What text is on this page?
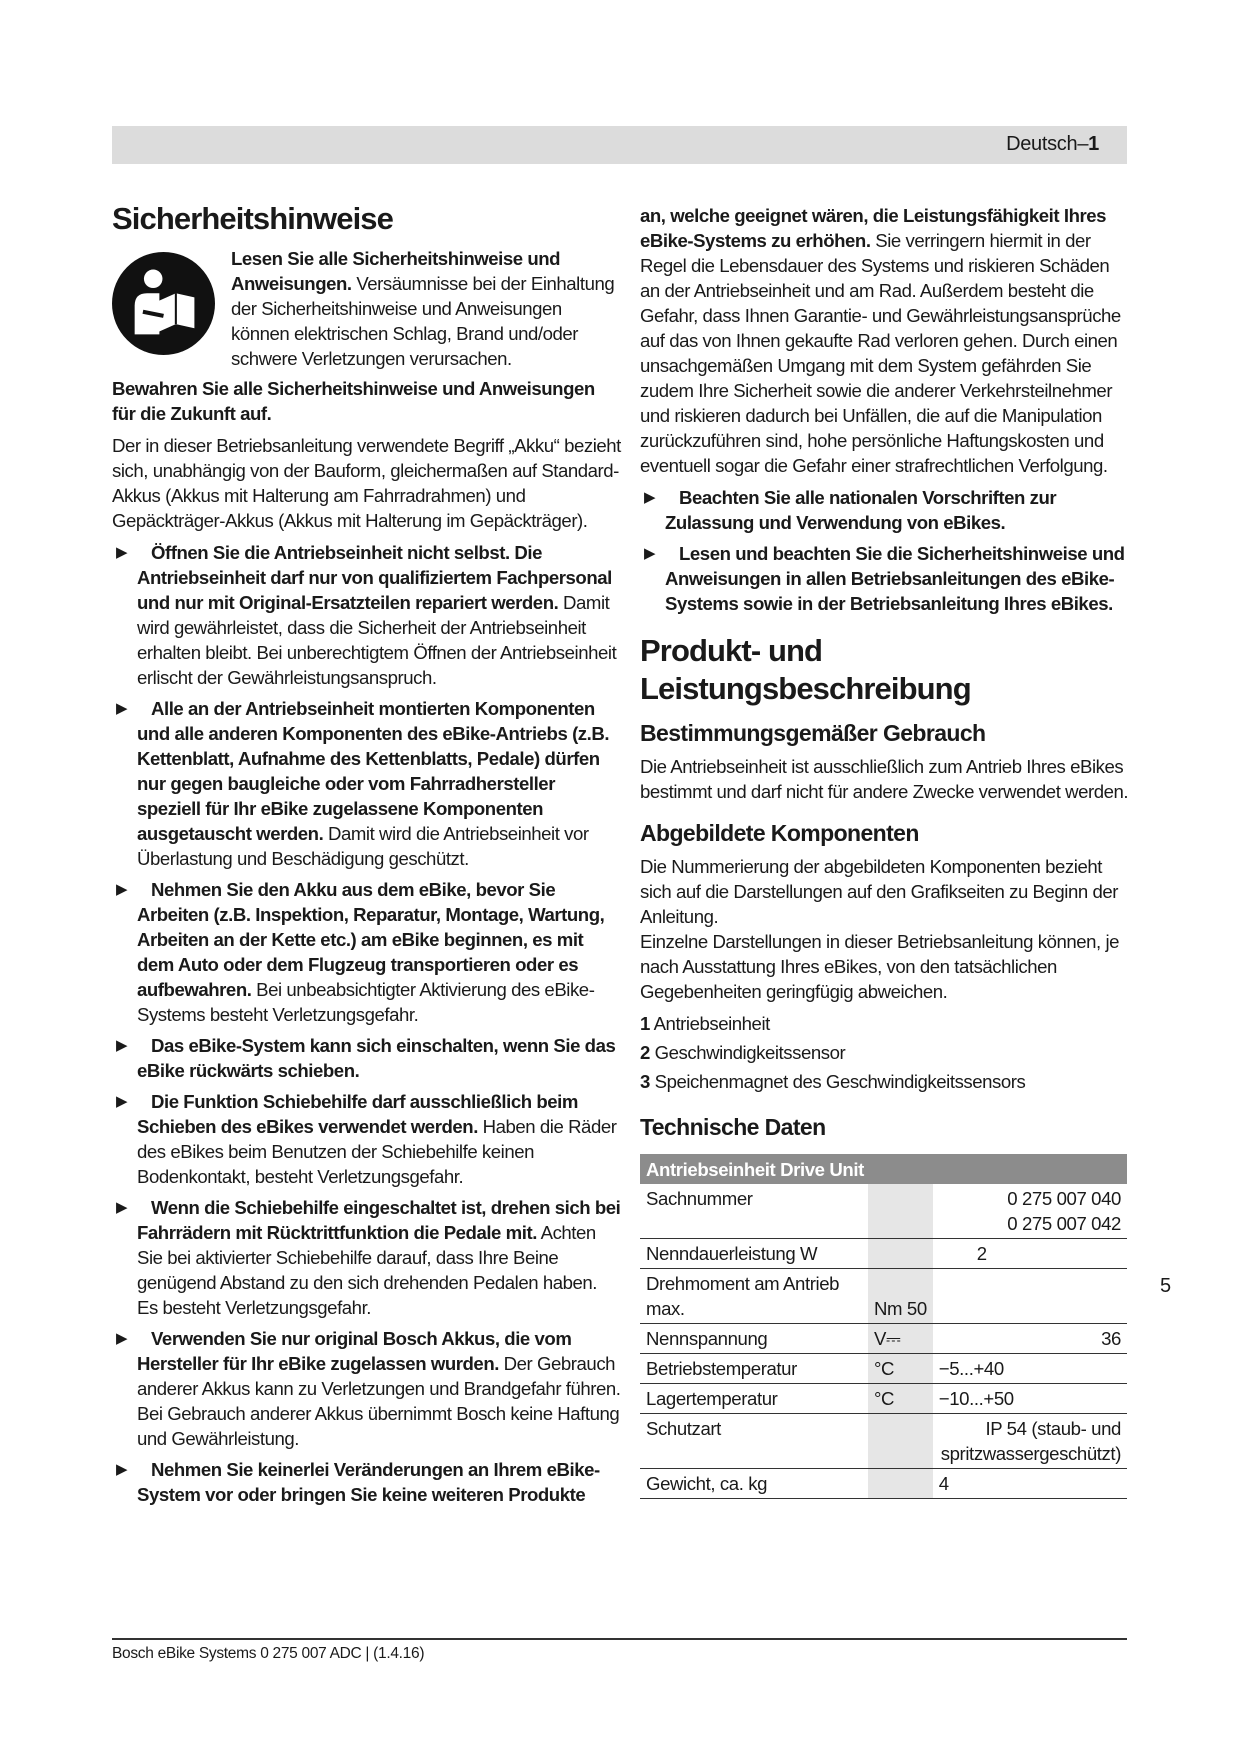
Deutsch–1
Sicherheitshinweise

Lesen Sie alle Sicherheitshinweise und Anweisungen. Versäumnisse bei der Einhaltung der Sicherheitshinweise und Anweisungen können elektrischen Schlag, Brand und/oder schwere Verletzungen verursachen.

Bewahren Sie alle Sicherheitshinweise und Anweisungen für die Zukunft auf.

Der in dieser Betriebsanleitung verwendete Begriff „Akku“ bezieht sich, unabhängig von der Bauform, gleichermaßen auf Standard-Akkus (Akkus mit Halterung am Fahrradrahmen) und Gepäckträger-Akkus (Akkus mit Halterung im Gepäckträger).

▶ Öffnen Sie die Antriebseinheit nicht selbst. Die Antriebseinheit darf nur von qualifiziertem Fachpersonal und nur mit Original-Ersatzteilen repariert werden. Damit wird gewährleistet, dass die Sicherheit der Antriebseinheit erhalten bleibt. Bei unberechtigtem Öffnen der Antriebseinheit erlischt der Gewährleistungsanspruch.
▶ Alle an der Antriebseinheit montierten Komponenten und alle anderen Komponenten des eBike-Antriebs (z.B. Kettenblatt, Aufnahme des Kettenblatts, Pedale) dürfen nur gegen baugleiche oder vom Fahrradhersteller speziell für Ihr eBike zugelassene Komponenten ausgetauscht werden. Damit wird die Antriebseinheit vor Überlastung und Beschädigung geschützt.
▶ Nehmen Sie den Akku aus dem eBike, bevor Sie Arbeiten (z.B. Inspektion, Reparatur, Montage, Wartung, Arbeiten an der Kette etc.) am eBike beginnen, es mit dem Auto oder dem Flugzeug transportieren oder es aufbewahren. Bei unbeabsichtigter Aktivierung des eBike-Systems besteht Verletzungsgefahr.
▶ Das eBike-System kann sich einschalten, wenn Sie das eBike rückwärts schieben.
▶ Die Funktion Schiebehilfe darf ausschließlich beim Schieben des eBikes verwendet werden. Haben die Räder des eBikes beim Benutzen der Schiebehilfe keinen Bodenkontakt, besteht Verletzungsgefahr.
▶ Wenn die Schiebehilfe eingeschaltet ist, drehen sich bei Fahrrädern mit Rücktrittfunktion die Pedale mit. Achten Sie bei aktivierter Schiebehilfe darauf, dass Ihre Beine genügend Abstand zu den sich drehenden Pedalen haben. Es besteht Verletzungsgefahr.
▶ Verwenden Sie nur original Bosch Akkus, die vom Hersteller für Ihr eBike zugelassen wurden. Der Gebrauch anderer Akkus kann zu Verletzungen und Brandgefahr führen. Bei Gebrauch anderer Akkus übernimmt Bosch keine Haftung und Gewährleistung.
▶ Nehmen Sie keinerlei Veränderungen an Ihrem eBike-System vor oder bringen Sie keine weiteren Produkte

an, welche geeignet wären, die Leistungsfähigkeit Ihres eBike-Systems zu erhöhen. Sie verringern hiermit in der Regel die Lebensdauer des Systems und riskieren Schäden an der Antriebseinheit und am Rad. Außerdem besteht die Gefahr, dass Ihnen Garantie- und Gewährleistungsansprüche auf das von Ihnen gekaufte Rad verloren gehen. Durch einen unsachgemäßen Umgang mit dem System gefährden Sie zudem Ihre Sicherheit sowie die anderer Verkehrsteilnehmer und riskieren dadurch bei Unfällen, die auf die Manipulation zurückzuführen sind, hohe persönliche Haftungskosten und eventuell sogar die Gefahr einer strafrechtlichen Verfolgung.

▶ Beachten Sie alle nationalen Vorschriften zur Zulassung und Verwendung von eBikes.
▶ Lesen und beachten Sie die Sicherheitshinweise und Anweisungen in allen Betriebsanleitungen des eBike-Systems sowie in der Betriebsanleitung Ihres eBikes.
Produkt- und Leistungsbeschreibung
Bestimmungsgemäßer Gebrauch

Die Antriebseinheit ist ausschließlich zum Antrieb Ihres eBikes bestimmt und darf nicht für andere Zwecke verwendet werden.

Abgebildete Komponenten

Die Nummerierung der abgebildeten Komponenten bezieht sich auf die Darstellungen auf den Grafikseiten zu Beginn der Anleitung.

Einzelne Darstellungen in dieser Betriebsanleitung können, je nach Ausstattung Ihres eBikes, von den tatsächlichen Gegebenheiten geringfügig abweichen.

1 Antriebseinheit
2 Geschwindigkeitssensor
3 Speichenmagnet des Geschwindigkeitssensors
Technische Daten
Antriebseinheit Drive Unit		
Sachnummer		0 275 007 040
0 275 007 042
Nenndauerleistung W		2
Drehmoment am Antrieb max.	Nm 50	
Nennspannung	V⎓	36
Betriebstemperatur	°C	−5...+40
Lagertemperatur	°C	−10...+50
Schutzart		IP 54 (staub- und spritzwassergeschützt)
Gewicht, ca. kg		4
5
Bosch eBike Systems 0 275 007 ADC | (1.4.16)
